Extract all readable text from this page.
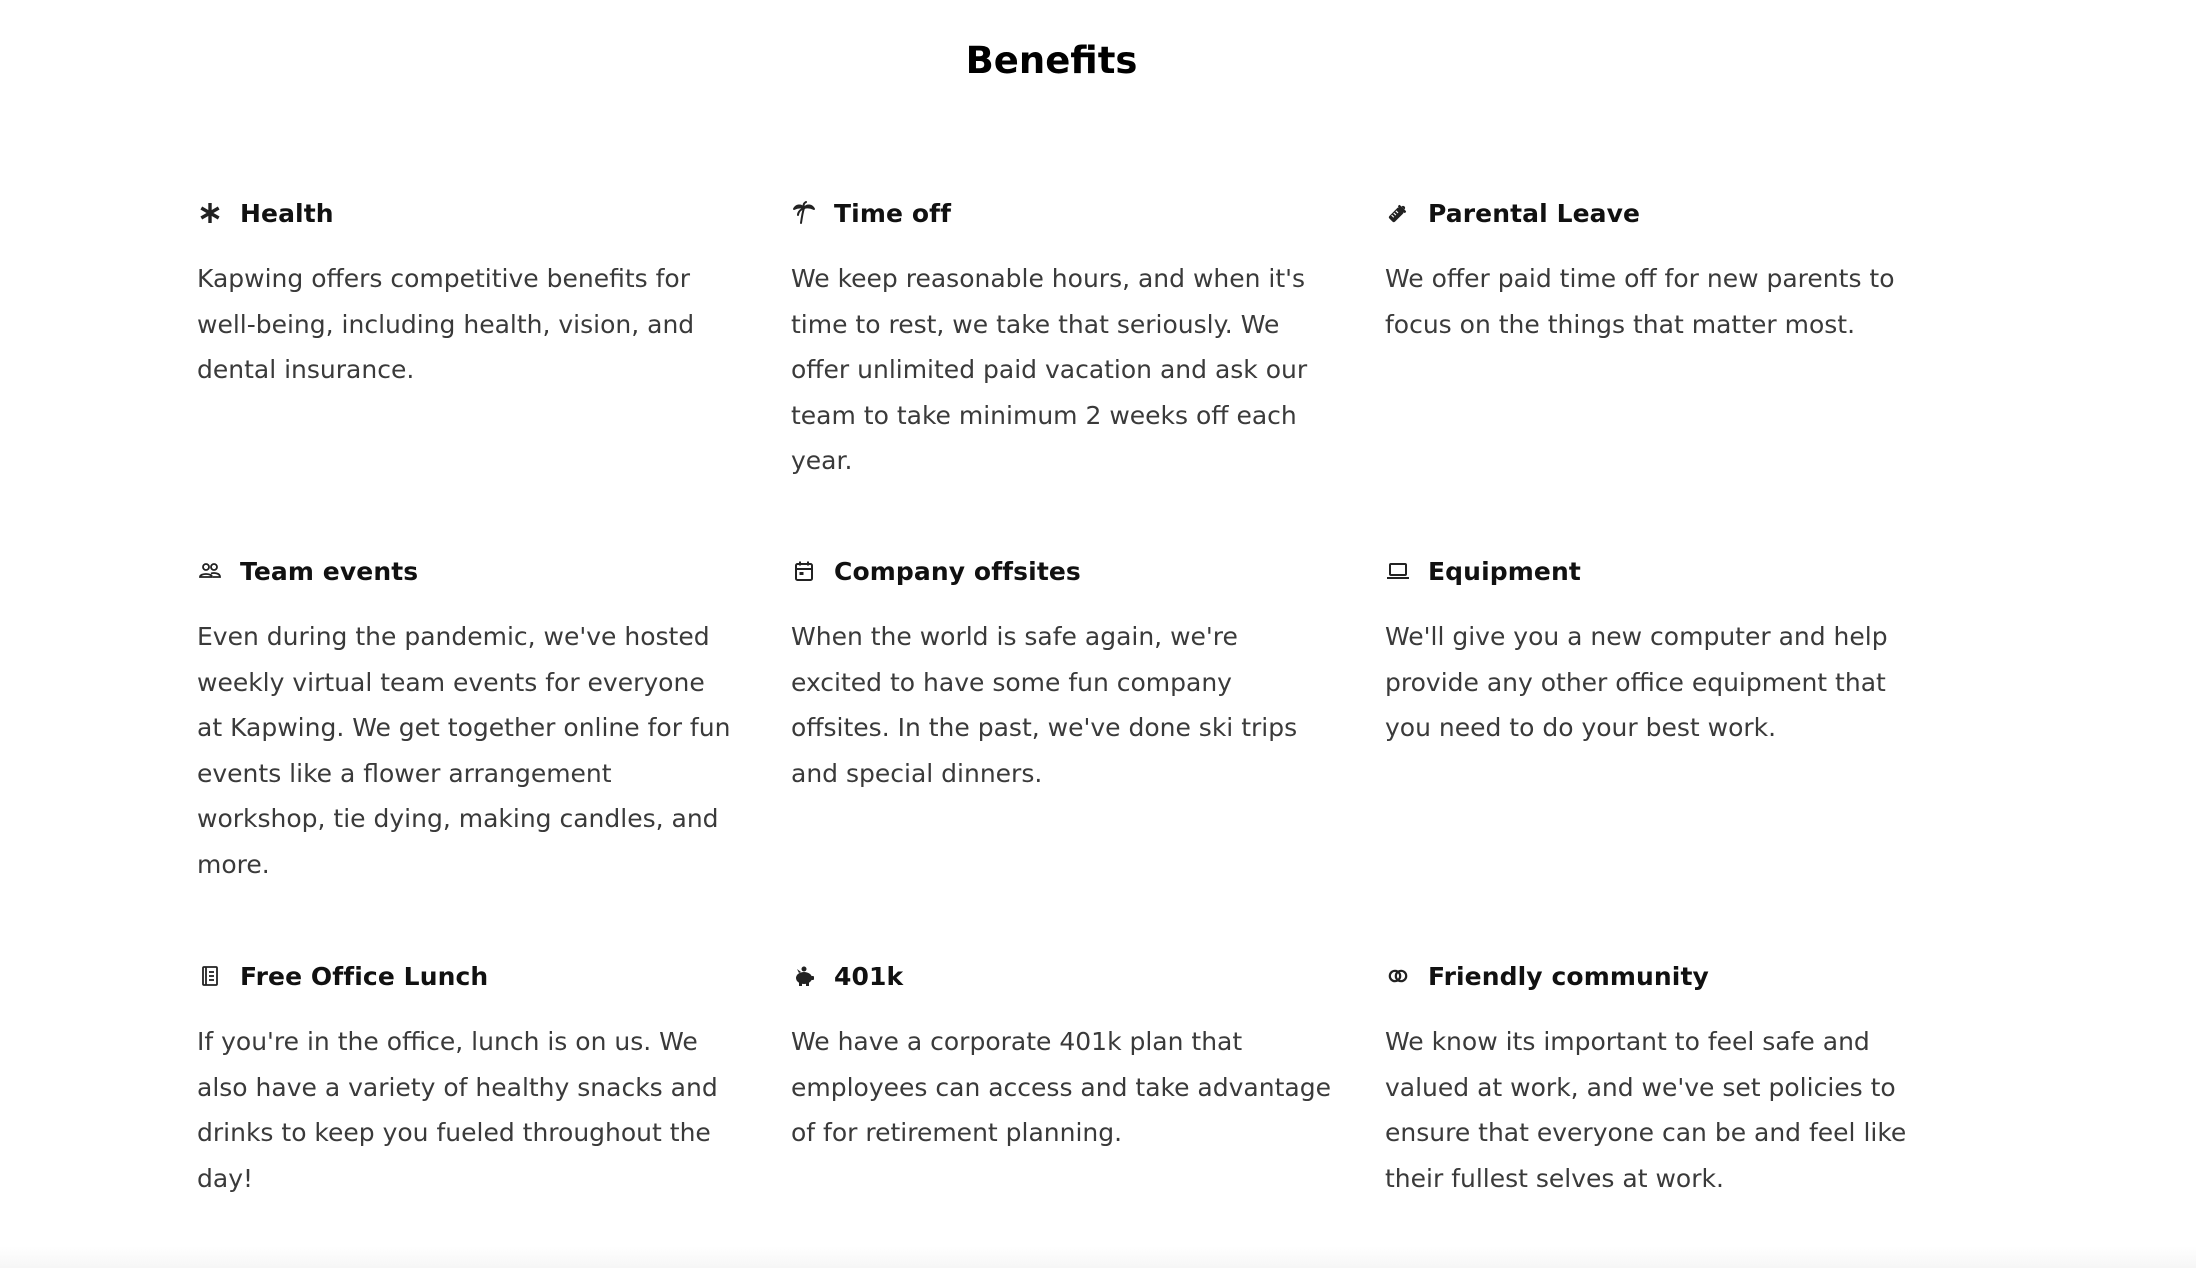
Benefits
Health

Kapwing offers competitive benefits for well-being, including health, vision, and dental insurance.

Time off

We keep reasonable hours, and when it's time to rest, we take that seriously. We offer unlimited paid vacation and ask our team to take minimum 2 weeks off each year.

Parental Leave

We offer paid time off for new parents to focus on the things that matter most.

Team events

Even during the pandemic, we've hosted weekly virtual team events for everyone at Kapwing. We get together online for fun events like a flower arrangement workshop, tie dying, making candles, and more.

Company offsites

When the world is safe again, we're excited to have some fun company offsites. In the past, we've done ski trips and special dinners.

Equipment

We'll give you a new computer and help provide any other office equipment that you need to do your best work.

Free Office Lunch

If you're in the office, lunch is on us. We also have a variety of healthy snacks and drinks to keep you fueled throughout the day!

401k

We have a corporate 401k plan that employees can access and take advantage of for retirement planning.

Friendly community

We know its important to feel safe and valued at work, and we've set policies to ensure that everyone can be and feel like their fullest selves at work.
